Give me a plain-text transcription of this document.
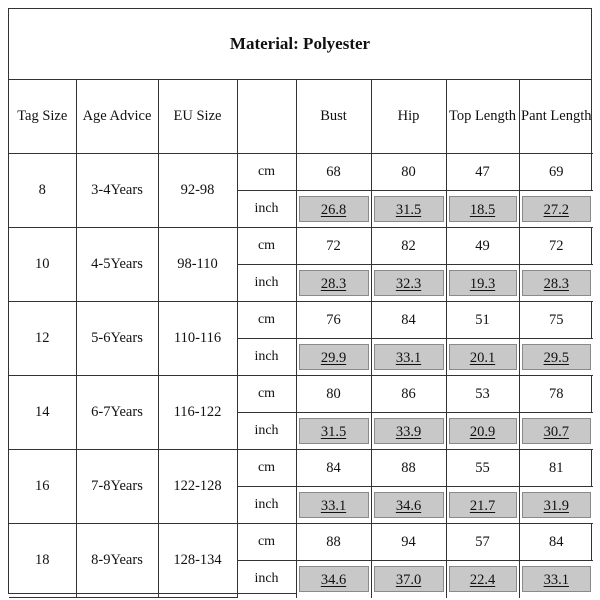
Material: Polyester
Tag Size	Age Advice	EU Size		Bust	Hip	Top Length	Pant Length
8	3-4Years	92-98	cm	68	80	47	69
			inch	26.8	31.5	18.5	27.2

10	4-5Years	98-110	cm	72	82	49	72
			inch	28.3	32.3	19.3	28.3

12	5-6Years	110-116	cm	76	84	51	75
			inch	29.9	33.1	20.1	29.5

14	6-7Years	116-122	cm	80	86	53	78
			inch	31.5	33.9	20.9	30.7

16	7-8Years	122-128	cm	84	88	55	81
			inch	33.1	34.6	21.7	31.9

18	8-9Years	128-134	cm	88	94	57	84
			inch	34.6	37.0	22.4	33.1
